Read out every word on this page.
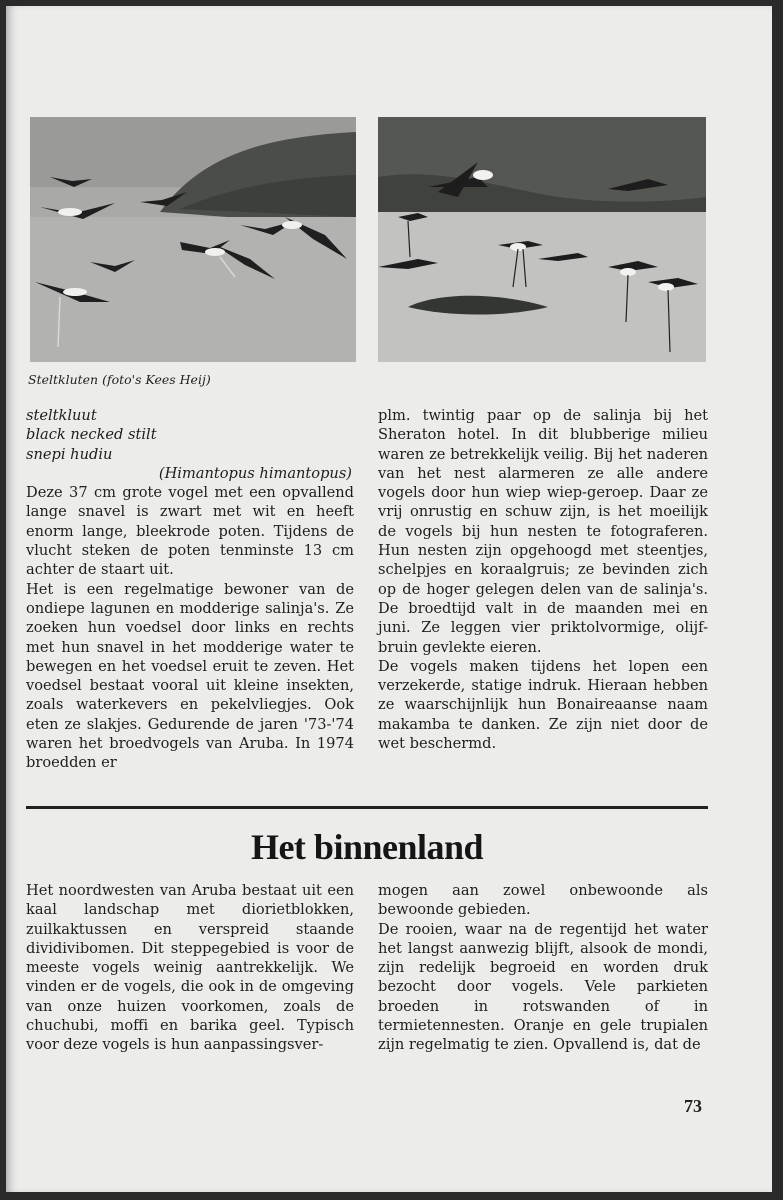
Steltkluten (foto's Kees Heij)
steltkluut
black necked stilt
snepi hudiu
(Himantopus himantopus)

Deze 37 cm grote vogel met een opvallend lange snavel is zwart met wit en heeft enorm lange, bleekrode poten. Tijdens de vlucht steken de poten tenminste 13 cm achter de staart uit.

Het is een regelmatige bewoner van de ondiepe lagunen en modderige salinja's. Ze zoeken hun voedsel door links en rechts met hun snavel in het modderige water te bewegen en het voedsel eruit te zeven. Het voedsel bestaat vooral uit kleine insekten, zoals waterkevers en pekelvliegjes. Ook eten ze slakjes. Gedurende de jaren '73-'74 waren het broedvogels van Aruba. In 1974 broedden er

plm. twintig paar op de salinja bij het Sheraton hotel. In dit blubberige milieu waren ze betrekkelijk veilig. Bij het naderen van het nest alarmeren ze alle andere vogels door hun wiep wiep-geroep. Daar ze vrij onrustig en schuw zijn, is het moeilijk de vogels bij hun nesten te fotograferen. Hun nesten zijn opgehoogd met steentjes, schelpjes en koraalgruis; ze bevinden zich op de hoger gelegen delen van de salinja's. De broedtijd valt in de maanden mei en juni. Ze leggen vier priktolvormige, olijf-bruin gevlekte eieren.

De vogels maken tijdens het lopen een verzekerde, statige indruk. Hieraan hebben ze waarschijnlijk hun Bonaireaanse naam makamba te danken. Ze zijn niet door de wet beschermd.

Het binnenland

Het noordwesten van Aruba bestaat uit een kaal landschap met diorietblokken, zuilkaktussen en verspreid staande dividivibomen. Dit steppegebied is voor de meeste vogels weinig aantrekkelijk. We vinden er de vogels, die ook in de omgeving van onze huizen voorkomen, zoals de chuchubi, moffi en barika geel. Typisch voor deze vogels is hun aanpassingsver-

mogen aan zowel onbewoonde als bewoonde gebieden.

De rooien, waar na de regentijd het water het langst aanwezig blijft, alsook de mondi, zijn redelijk begroeid en worden druk bezocht door vogels. Vele parkieten broeden in rotswanden of in termietennesten. Oranje en gele trupialen zijn regelmatig te zien. Opvallend is, dat de

73
